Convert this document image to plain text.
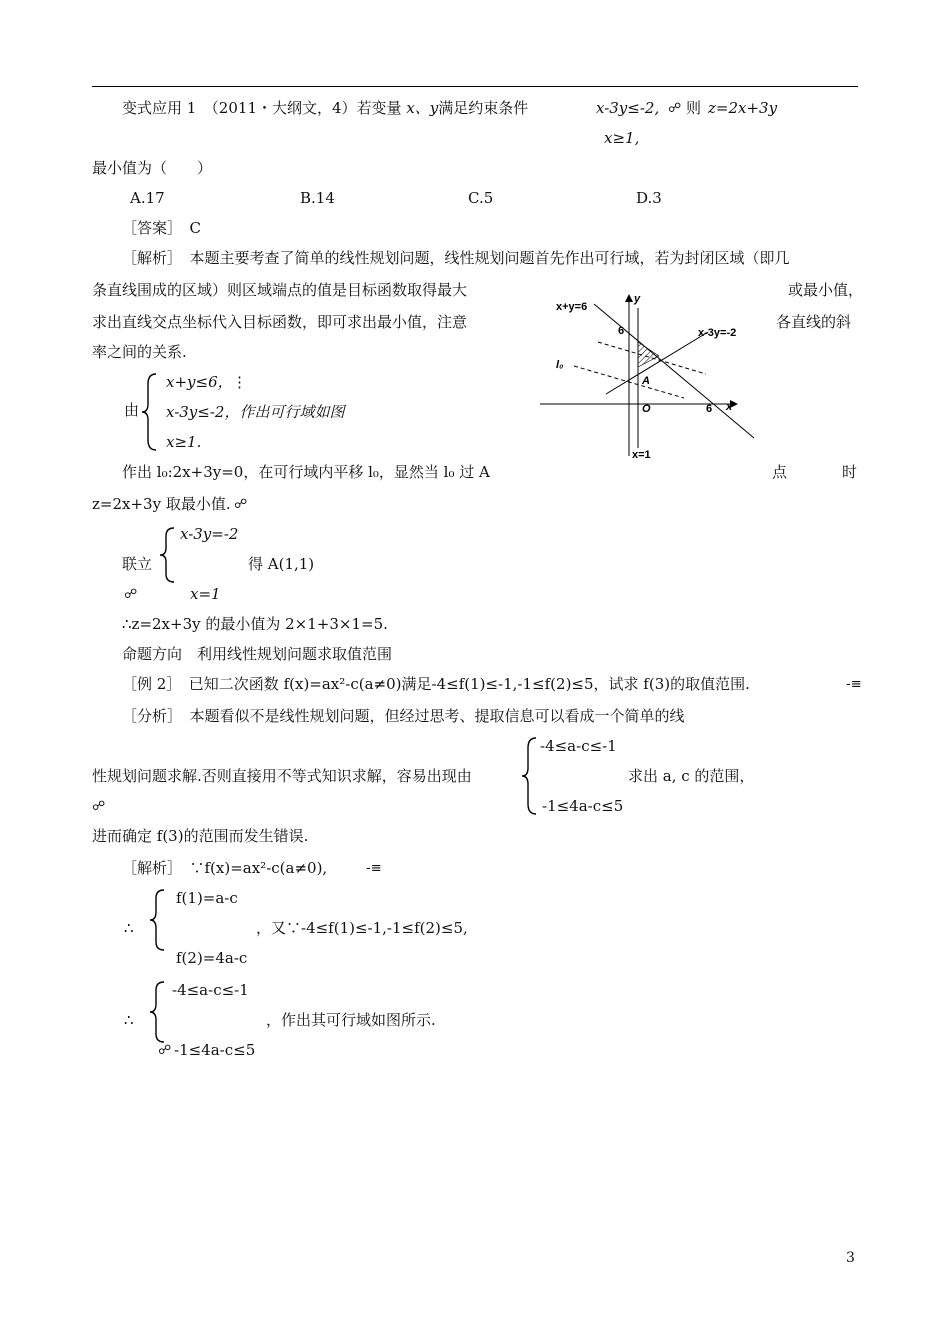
变式应用 1　（2011・大纲文，4）若变量 x、y满足约束条件	x-3y≤-2, ☍ 则 z=2x+3y
x≥1,
最小值为（　　）
A.17	B.14	C.5	D.3
［答案］　 C
［解析］　本题主要考查了简单的线性规划问题，线性规划问题首先作出可行域，若为封闭区域（即几
条直线围成的区域）则区域端点的值是目标函数取得最大	或最小值，
求出直线交点坐标代入目标函数，即可求出最小值，注意	各直线的斜
率之间的关系.
由
x+y≤6， ⋮
x-3y≤-2，作出可行域如图
x≥1.
x+y=6
y
6	x-3y=-2
l₀
A
O	6 x
x=1
作出 l₀:2x+3y=0，在可行域内平移 l₀，显然当 l₀ 过 A	点	时
z=2x+3y 取最小值. ☍
联立
x-3y=-2
得 A(1,1)
☍	x=1
∴z=2x+3y 的最小值为 2×1+3×1=5.
命题方向　利用线性规划问题求取值范围
［例 2］　已知二次函数 f(x)=ax²-c(a≠0)满足-4≤f(1)≤-1,-1≤f(2)≤5，试求 f(3)的取值范围.	-≡
［分析］　本题看似不是线性规划问题，但经过思考、提取信息可以看成一个简单的线
-4≤a-c≤-1
性规划问题求解.否则直接用不等式知识求解，容易出现由	求出 a, c 的范围，
☍	-1≤4a-c≤5
进而确定 f(3)的范围而发生错误.
［解析］　∵f(x)=ax²-c(a≠0),	-≡
∴
f(1)=a-c
，又∵-4≤f(1)≤-1,-1≤f(2)≤5,
f(2)=4a-c
∴
-4≤a-c≤-1
，作出其可行域如图所示.
☍ -1≤4a-c≤5
3
